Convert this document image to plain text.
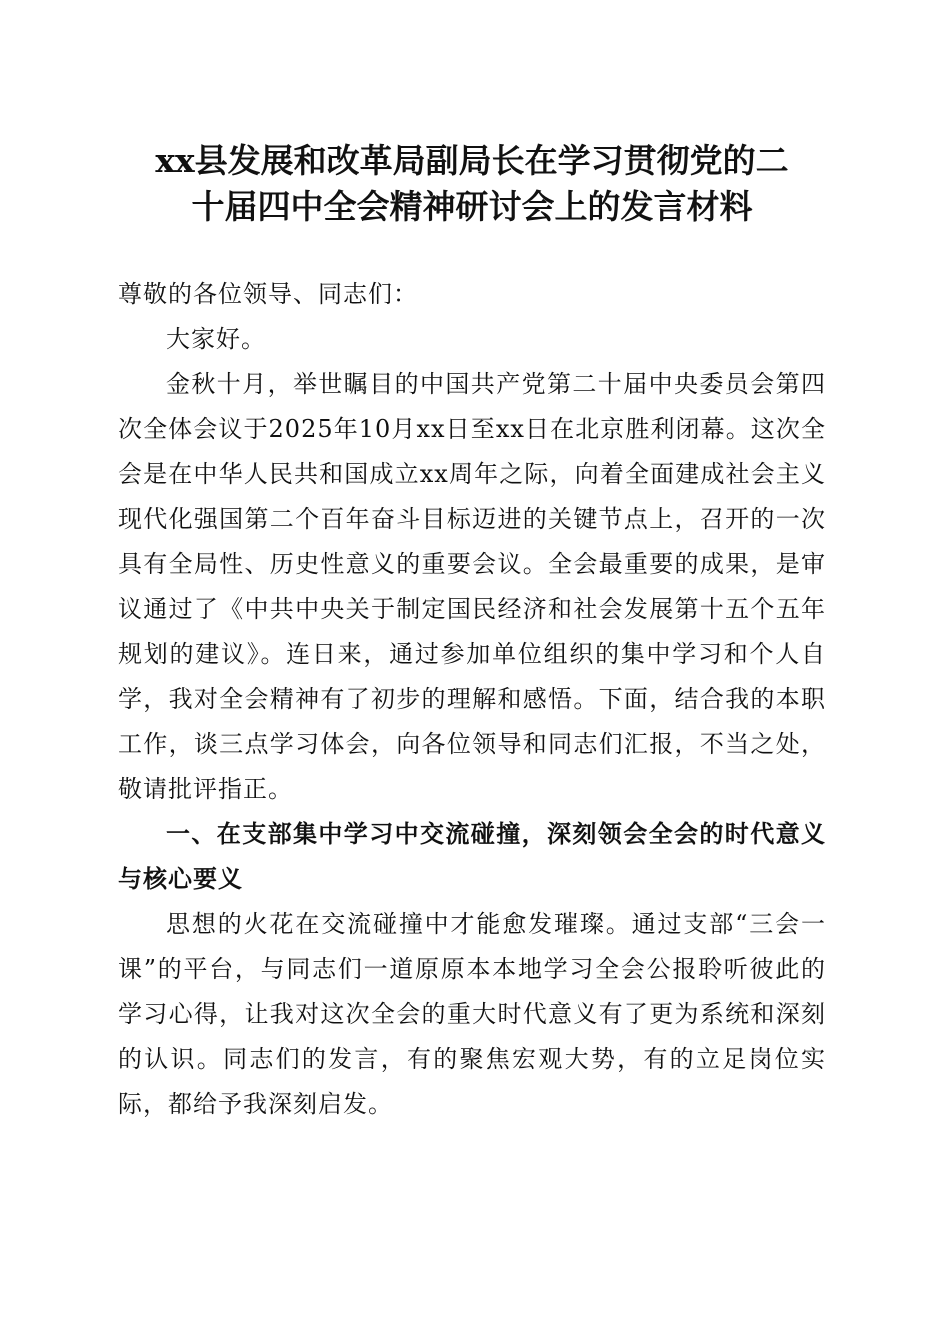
xx县发展和改革局副局长在学习贯彻党的二
十届四中全会精神研讨会上的发言材料

尊敬的各位领导、同志们：

大家好。

金秋十月，举世瞩目的中国共产党第二十届中央委员会第四次全体会议于2025年10月xx日至xx日在北京胜利闭幕。这次全会是在中华人民共和国成立xx周年之际，向着全面建成社会主义现代化强国第二个百年奋斗目标迈进的关键节点上，召开的一次具有全局性、历史性意义的重要会议。全会最重要的成果，是审议通过了《中共中央关于制定国民经济和社会发展第十五个五年规划的建议》。连日来，通过参加单位组织的集中学习和个人自学，我对全会精神有了初步的理解和感悟。下面，结合我的本职工作，谈三点学习体会，向各位领导和同志们汇报，不当之处，敬请批评指正。

一、在支部集中学习中交流碰撞，深刻领会全会的时代意义与核心要义

思想的火花在交流碰撞中才能愈发璀璨。通过支部“三会一课”的平台，与同志们一道原原本本地学习全会公报聆听彼此的学习心得，让我对这次全会的重大时代意义有了更为系统和深刻的认识。同志们的发言，有的聚焦宏观大势，有的立足岗位实际，都给予我深刻启发。
